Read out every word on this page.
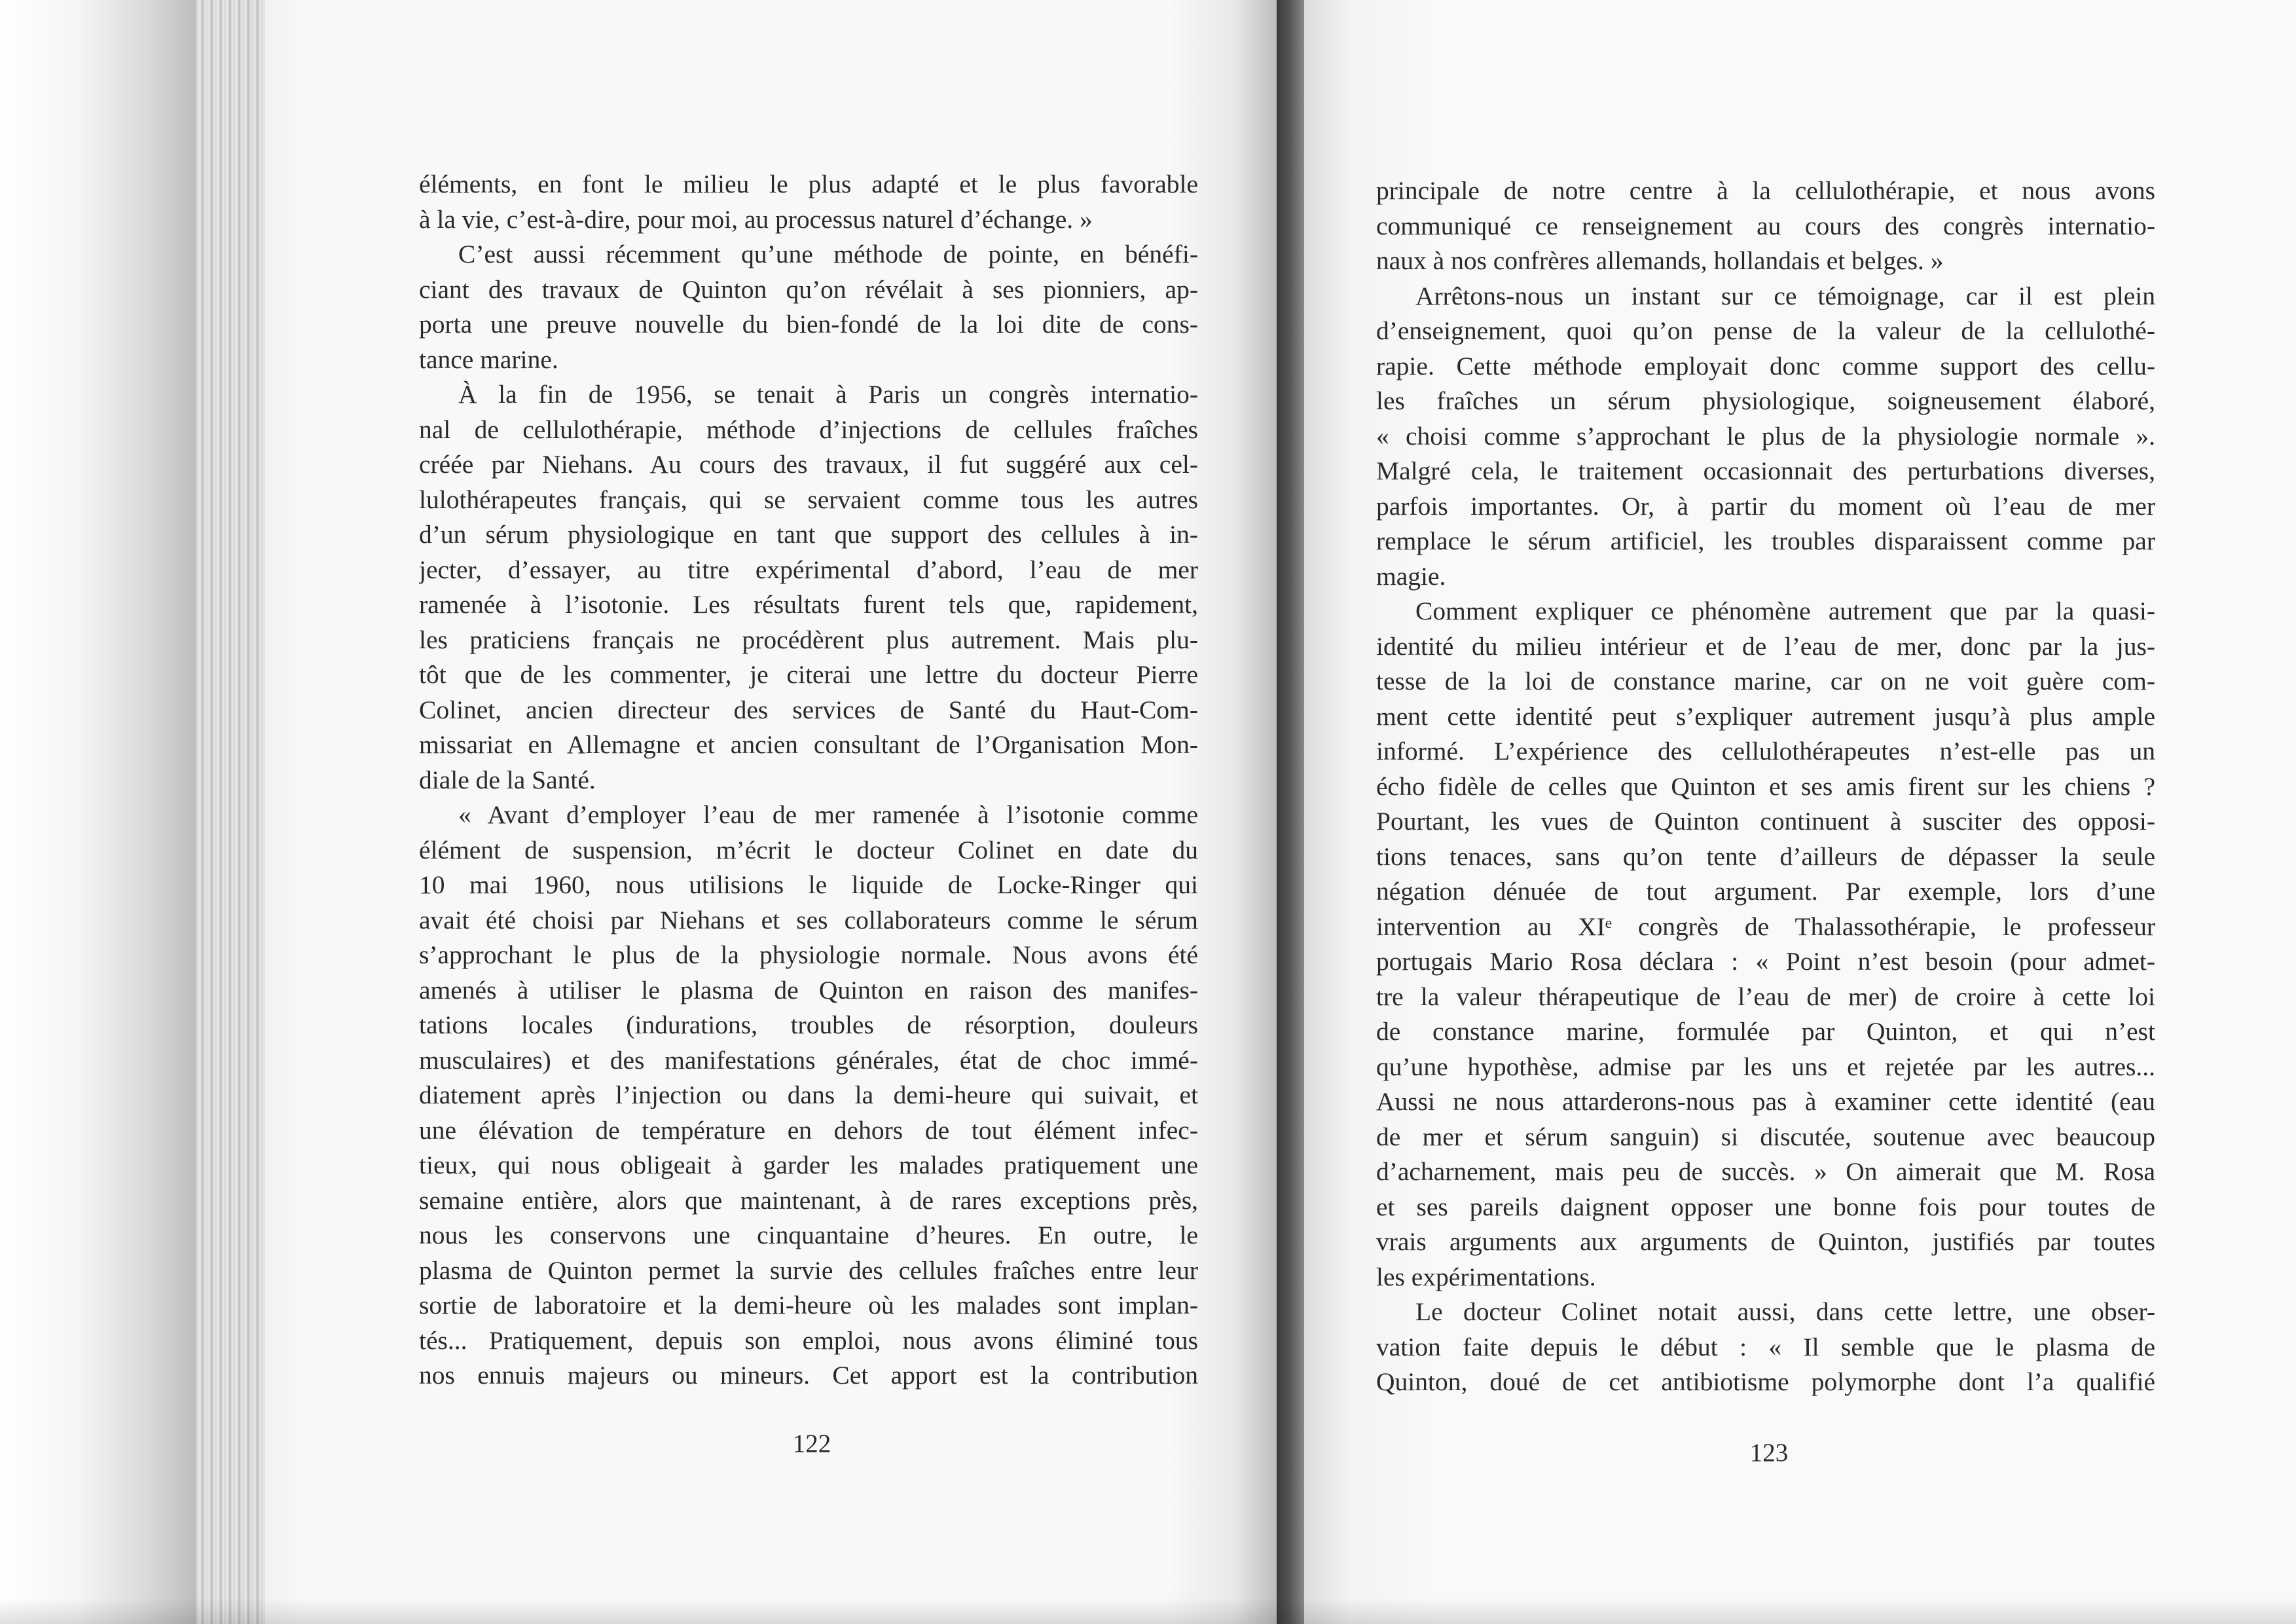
éléments, en font le milieu le plus adapté et le plus favorable
à la vie, c’est-à-dire, pour moi, au processus naturel d’échange. »
C’est aussi récemment qu’une méthode de pointe, en bénéfi-
ciant des travaux de Quinton qu’on révélait à ses pionniers, ap-
porta une preuve nouvelle du bien-fondé de la loi dite de cons-
tance marine.
À la fin de 1956, se tenait à Paris un congrès internatio-
nal de cellulothérapie, méthode d’injections de cellules fraîches
créée par Niehans. Au cours des travaux, il fut suggéré aux cel-
lulothérapeutes français, qui se servaient comme tous les autres
d’un sérum physiologique en tant que support des cellules à in-
jecter, d’essayer, au titre expérimental d’abord, l’eau de mer
ramenée à l’isotonie. Les résultats furent tels que, rapidement,
les praticiens français ne procédèrent plus autrement. Mais plu-
tôt que de les commenter, je citerai une lettre du docteur Pierre
Colinet, ancien directeur des services de Santé du Haut-Com-
missariat en Allemagne et ancien consultant de l’Organisation Mon-
diale de la Santé.
« Avant d’employer l’eau de mer ramenée à l’isotonie comme
élément de suspension, m’écrit le docteur Colinet en date du
10 mai 1960, nous utilisions le liquide de Locke-Ringer qui
avait été choisi par Niehans et ses collaborateurs comme le sérum
s’approchant le plus de la physiologie normale. Nous avons été
amenés à utiliser le plasma de Quinton en raison des manifes-
tations locales (indurations, troubles de résorption, douleurs
musculaires) et des manifestations générales, état de choc immé-
diatement après l’injection ou dans la demi-heure qui suivait, et
une élévation de température en dehors de tout élément infec-
tieux, qui nous obligeait à garder les malades pratiquement une
semaine entière, alors que maintenant, à de rares exceptions près,
nous les conservons une cinquantaine d’heures. En outre, le
plasma de Quinton permet la survie des cellules fraîches entre leur
sortie de laboratoire et la demi-heure où les malades sont implan-
tés... Pratiquement, depuis son emploi, nous avons éliminé tous
nos ennuis majeurs ou mineurs. Cet apport est la contribution
122
principale de notre centre à la cellulothérapie, et nous avons
communiqué ce renseignement au cours des congrès internatio-
naux à nos confrères allemands, hollandais et belges. »
Arrêtons-nous un instant sur ce témoignage, car il est plein
d’enseignement, quoi qu’on pense de la valeur de la cellulothé-
rapie. Cette méthode employait donc comme support des cellu-
les fraîches un sérum physiologique, soigneusement élaboré,
« choisi comme s’approchant le plus de la physiologie normale ».
Malgré cela, le traitement occasionnait des perturbations diverses,
parfois importantes. Or, à partir du moment où l’eau de mer
remplace le sérum artificiel, les troubles disparaissent comme par
magie.
Comment expliquer ce phénomène autrement que par la quasi-
identité du milieu intérieur et de l’eau de mer, donc par la jus-
tesse de la loi de constance marine, car on ne voit guère com-
ment cette identité peut s’expliquer autrement jusqu’à plus ample
informé. L’expérience des cellulothérapeutes n’est-elle pas un
écho fidèle de celles que Quinton et ses amis firent sur les chiens ?
Pourtant, les vues de Quinton continuent à susciter des opposi-
tions tenaces, sans qu’on tente d’ailleurs de dépasser la seule
négation dénuée de tout argument. Par exemple, lors d’une
intervention au XIᵉ congrès de Thalassothérapie, le professeur
portugais Mario Rosa déclara : « Point n’est besoin (pour admet-
tre la valeur thérapeutique de l’eau de mer) de croire à cette loi
de constance marine, formulée par Quinton, et qui n’est
qu’une hypothèse, admise par les uns et rejetée par les autres...
Aussi ne nous attarderons-nous pas à examiner cette identité (eau
de mer et sérum sanguin) si discutée, soutenue avec beaucoup
d’acharnement, mais peu de succès. » On aimerait que M. Rosa
et ses pareils daignent opposer une bonne fois pour toutes de
vrais arguments aux arguments de Quinton, justifiés par toutes
les expérimentations.
Le docteur Colinet notait aussi, dans cette lettre, une obser-
vation faite depuis le début : « Il semble que le plasma de
Quinton, doué de cet antibiotisme polymorphe dont l’a qualifié
123
